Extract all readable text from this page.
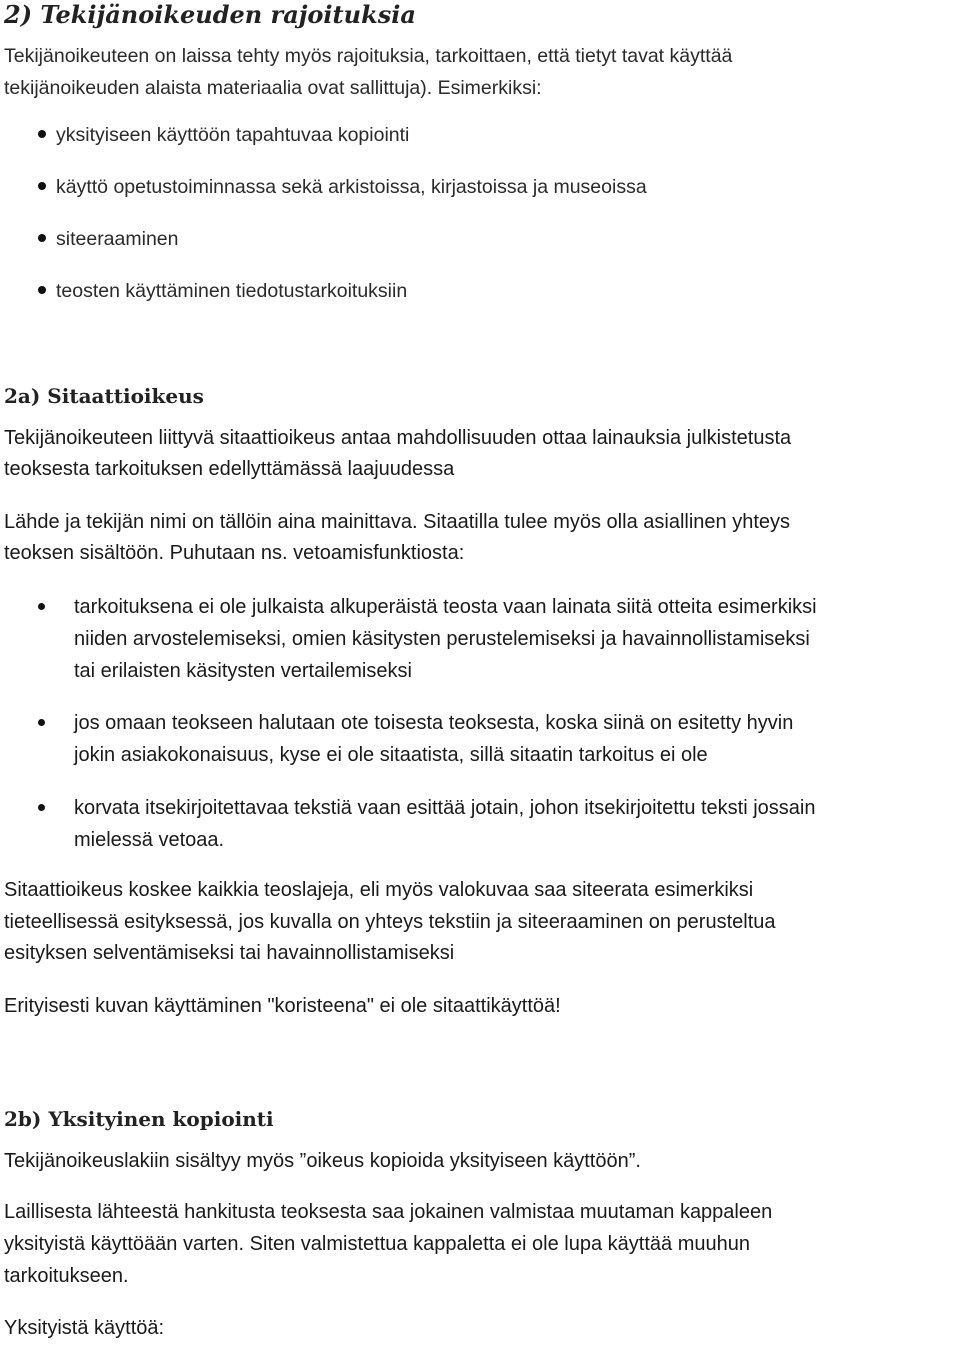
2) Tekijänoikeuden rajoituksia
Tekijänoikeuteen on laissa tehty myös rajoituksia, tarkoittaen, että tietyt tavat käyttää
tekijänoikeuden alaista materiaalia ovat sallittuja). Esimerkiksi:
yksityiseen käyttöön tapahtuvaa kopiointi
käyttö opetustoiminnassa sekä arkistoissa, kirjastoissa ja museoissa
siteeraaminen
teosten käyttäminen tiedotustarkoituksiin
2a) Sitaattioikeus
Tekijänoikeuteen liittyvä sitaattioikeus antaa mahdollisuuden ottaa lainauksia julkistetusta
teoksesta tarkoituksen edellyttämässä laajuudessa
Lähde ja tekijän nimi on tällöin aina mainittava. Sitaatilla tulee myös olla asiallinen yhteys
teoksen sisältöön. Puhutaan ns. vetoamisfunktiosta:
tarkoituksena ei ole julkaista alkuperäistä teosta vaan lainata siitä otteita esimerkiksi
niiden arvostelemiseksi, omien käsitysten perustelemiseksi ja havainnollistamiseksi
tai erilaisten käsitysten vertailemiseksi
jos omaan teokseen halutaan ote toisesta teoksesta, koska siinä on esitetty hyvin
jokin asiakokonaisuus, kyse ei ole sitaatista, sillä sitaatin tarkoitus ei ole
korvata itsekirjoitettavaa tekstiä vaan esittää jotain, johon itsekirjoitettu teksti jossain
mielessä vetoaa.
Sitaattioikeus koskee kaikkia teoslajeja, eli myös valokuvaa saa siteerata esimerkiksi
tieteellisessä esityksessä, jos kuvalla on yhteys tekstiin ja siteeraaminen on perusteltua
esityksen selventämiseksi tai havainnollistamiseksi
Erityisesti kuvan käyttäminen "koristeena" ei ole sitaattikäyttöä!
2b) Yksityinen kopiointi
Tekijänoikeuslakiin sisältyy myös ”oikeus kopioida yksityiseen käyttöön”.
Laillisesta lähteestä hankitusta teoksesta saa jokainen valmistaa muutaman kappaleen
yksityistä käyttöään varten. Siten valmistettua kappaletta ei ole lupa käyttää muuhun
tarkoitukseen.
Yksityistä käyttöä:
